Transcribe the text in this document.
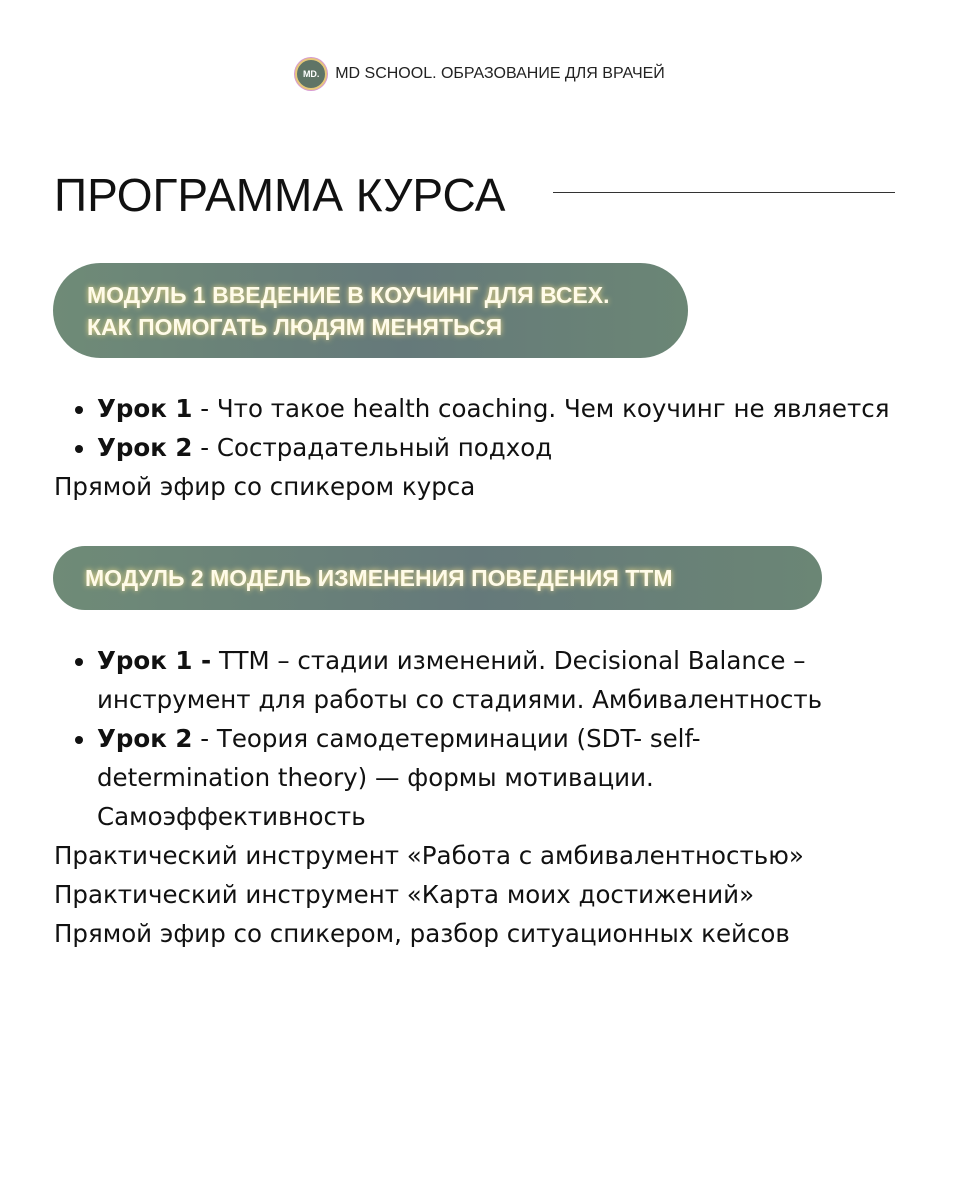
MD. MD SCHOOL. ОБРАЗОВАНИЕ ДЛЯ ВРАЧЕЙ
ПРОГРАММА КУРСА
МОДУЛЬ 1 ВВЕДЕНИЕ В КОУЧИНГ ДЛЯ ВСЕХ.
КАК ПОМОГАТЬ ЛЮДЯМ МЕНЯТЬСЯ
• Урок 1 - Что такое health coaching. Чем коучинг не является
• Урок 2 - Сострадательный подход
Прямой эфир со спикером курса
МОДУЛЬ 2 МОДЕЛЬ ИЗМЕНЕНИЯ ПОВЕДЕНИЯ TTM
• Урок 1 - TTM – стадии изменений. Decisional Balance – инструмент для работы со стадиями. Амбивалентность
• Урок 2 - Теория самодетерминации (SDT- self-determination theory) — формы мотивации. Самоэффективность
Практический инструмент «Работа с амбивалентностью»
Практический инструмент «Карта моих достижений»
Прямой эфир со спикером, разбор ситуационных кейсов
